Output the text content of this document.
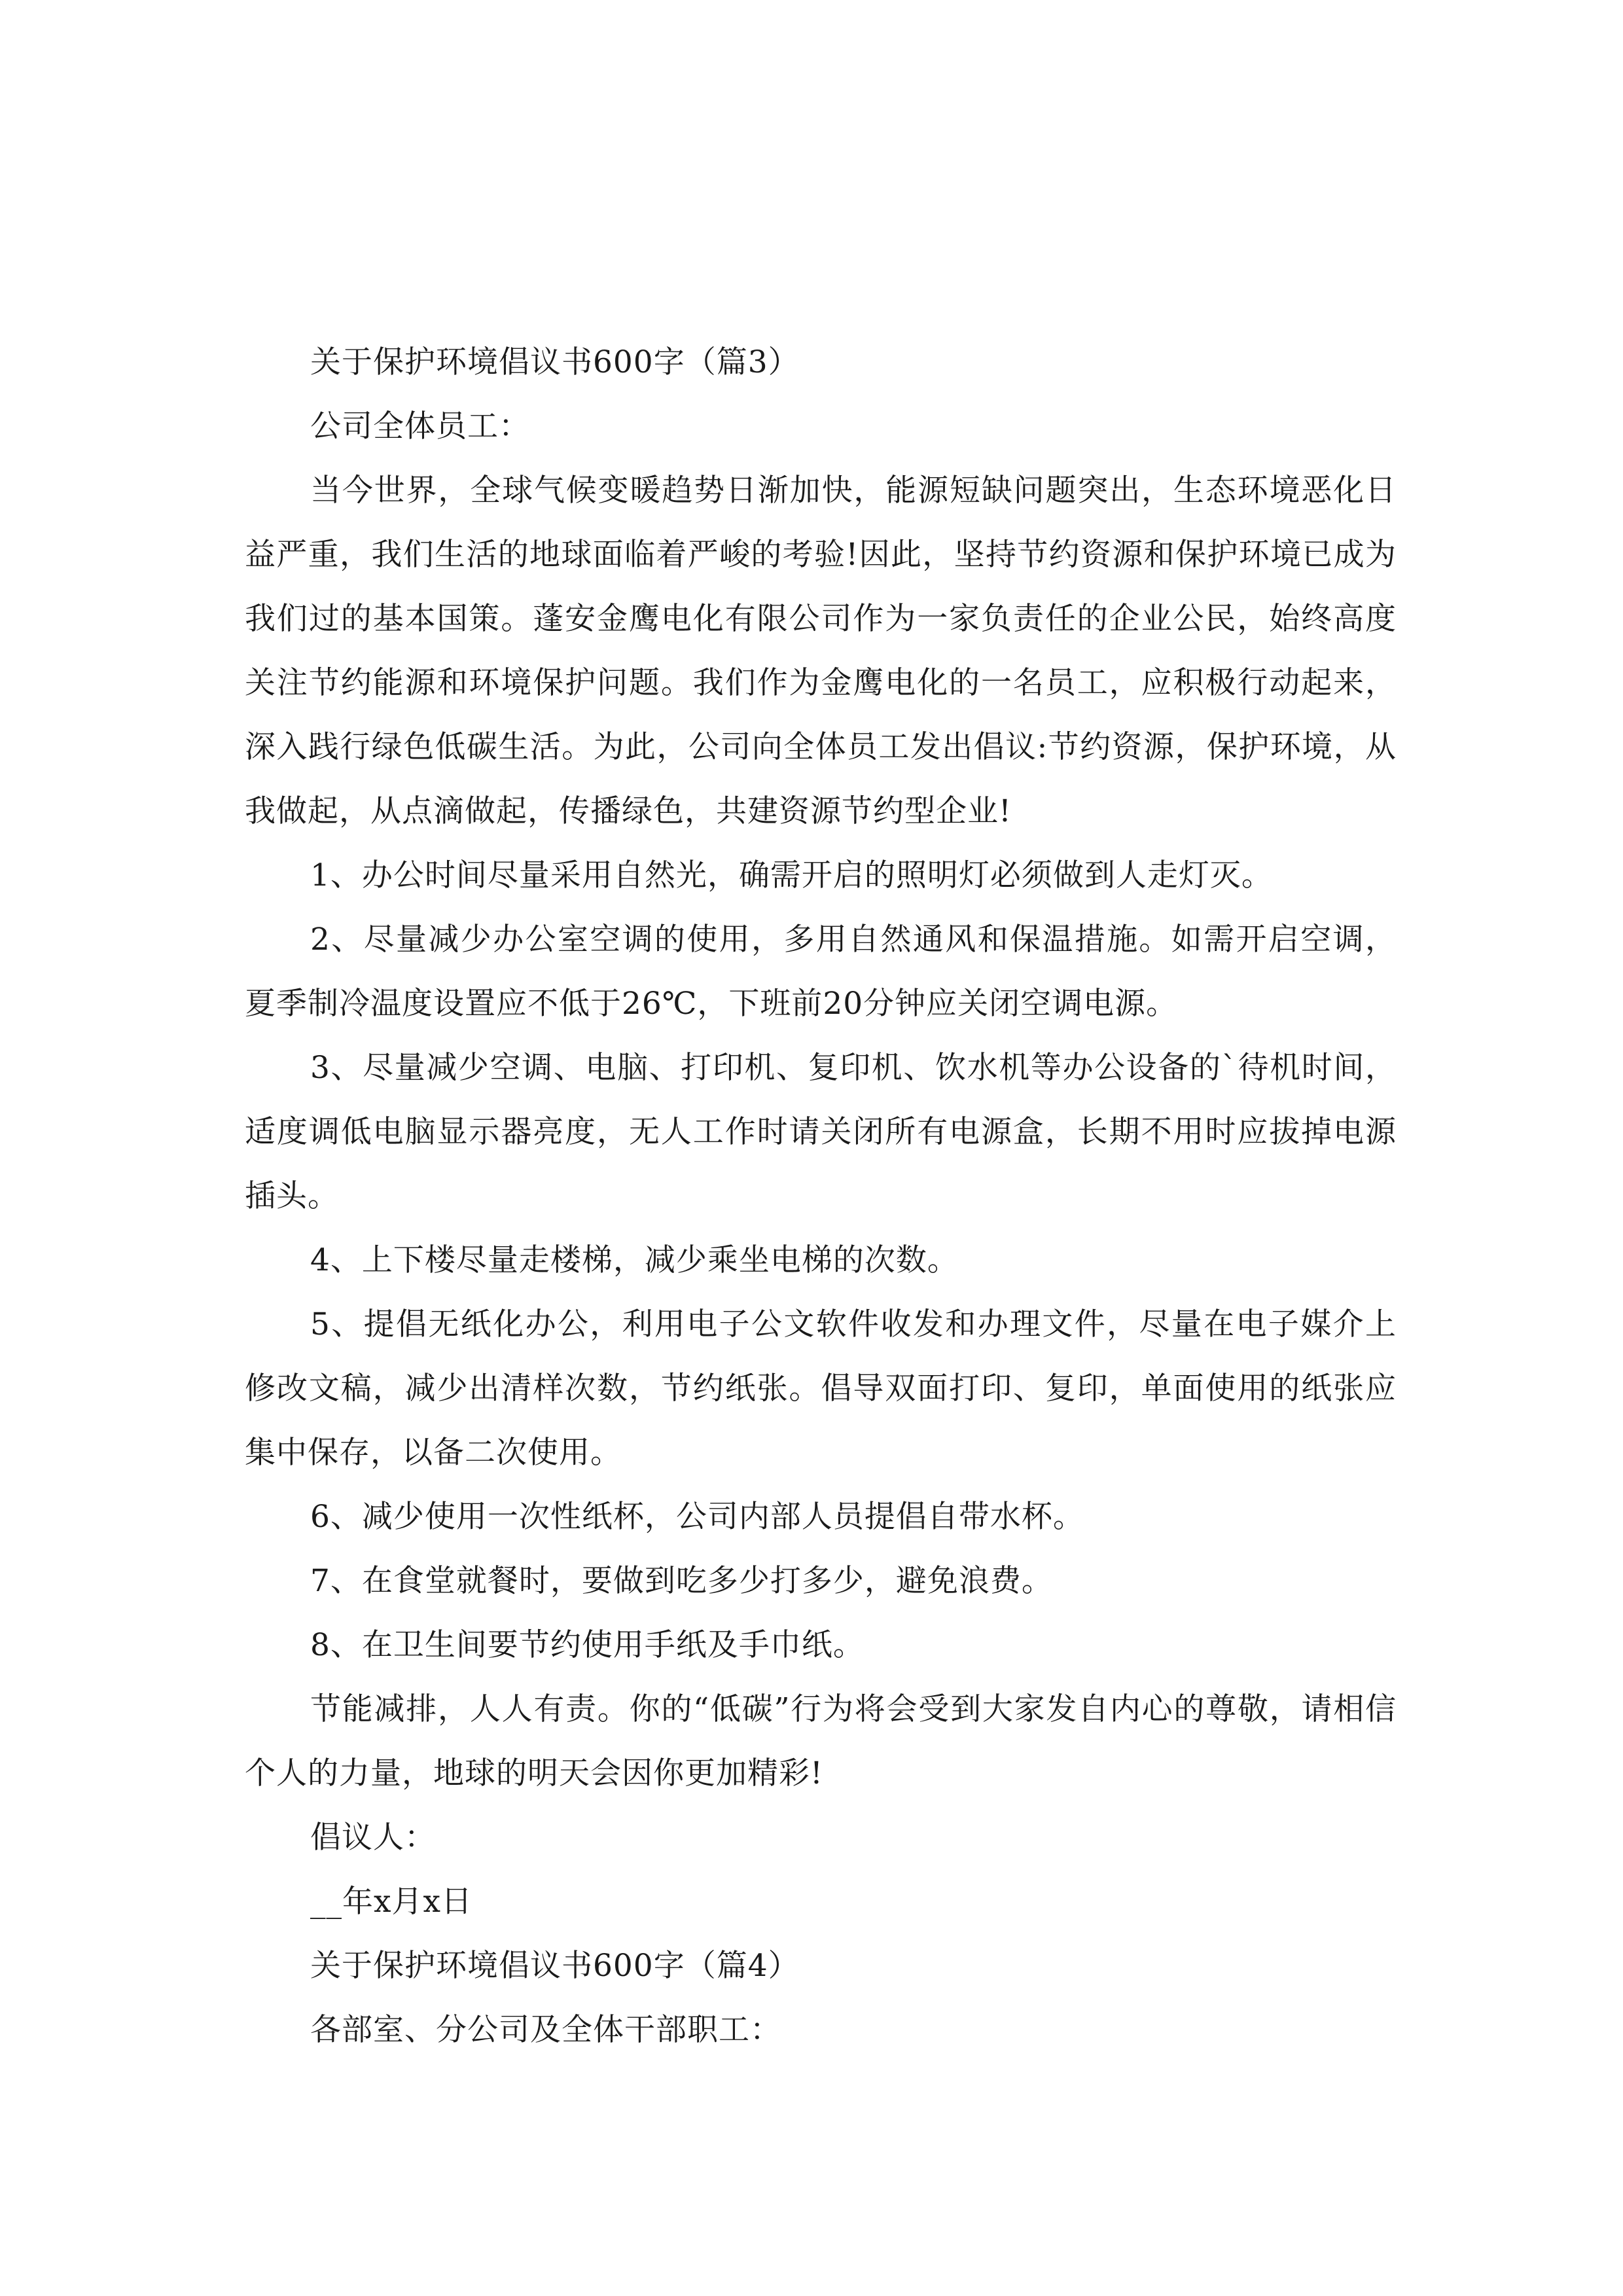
关于保护环境倡议书600字（篇3）

公司全体员工：

当今世界，全球气候变暖趋势日渐加快，能源短缺问题突出，生态环境恶化日益严重，我们生活的地球面临着严峻的考验!因此，坚持节约资源和保护环境已成为我们过的基本国策。蓬安金鹰电化有限公司作为一家负责任的企业公民，始终高度关注节约能源和环境保护问题。我们作为金鹰电化的一名员工，应积极行动起来，深入践行绿色低碳生活。为此，公司向全体员工发出倡议:节约资源，保护环境，从我做起，从点滴做起，传播绿色，共建资源节约型企业!

1、办公时间尽量采用自然光，确需开启的照明灯必须做到人走灯灭。

2、尽量减少办公室空调的使用，多用自然通风和保温措施。如需开启空调，夏季制冷温度设置应不低于26℃，下班前20分钟应关闭空调电源。

3、尽量减少空调、电脑、打印机、复印机、饮水机等办公设备的`待机时间，适度调低电脑显示器亮度，无人工作时请关闭所有电源盒，长期不用时应拔掉电源插头。

4、上下楼尽量走楼梯，减少乘坐电梯的次数。

5、提倡无纸化办公，利用电子公文软件收发和办理文件，尽量在电子媒介上修改文稿，减少出清样次数，节约纸张。倡导双面打印、复印，单面使用的纸张应集中保存，以备二次使用。

6、减少使用一次性纸杯，公司内部人员提倡自带水杯。

7、在食堂就餐时，要做到吃多少打多少，避免浪费。

8、在卫生间要节约使用手纸及手巾纸。

节能减排，人人有责。你的“低碳”行为将会受到大家发自内心的尊敬，请相信个人的力量，地球的明天会因你更加精彩!

倡议人：

__年x月x日

关于保护环境倡议书600字（篇4）

各部室、分公司及全体干部职工：
